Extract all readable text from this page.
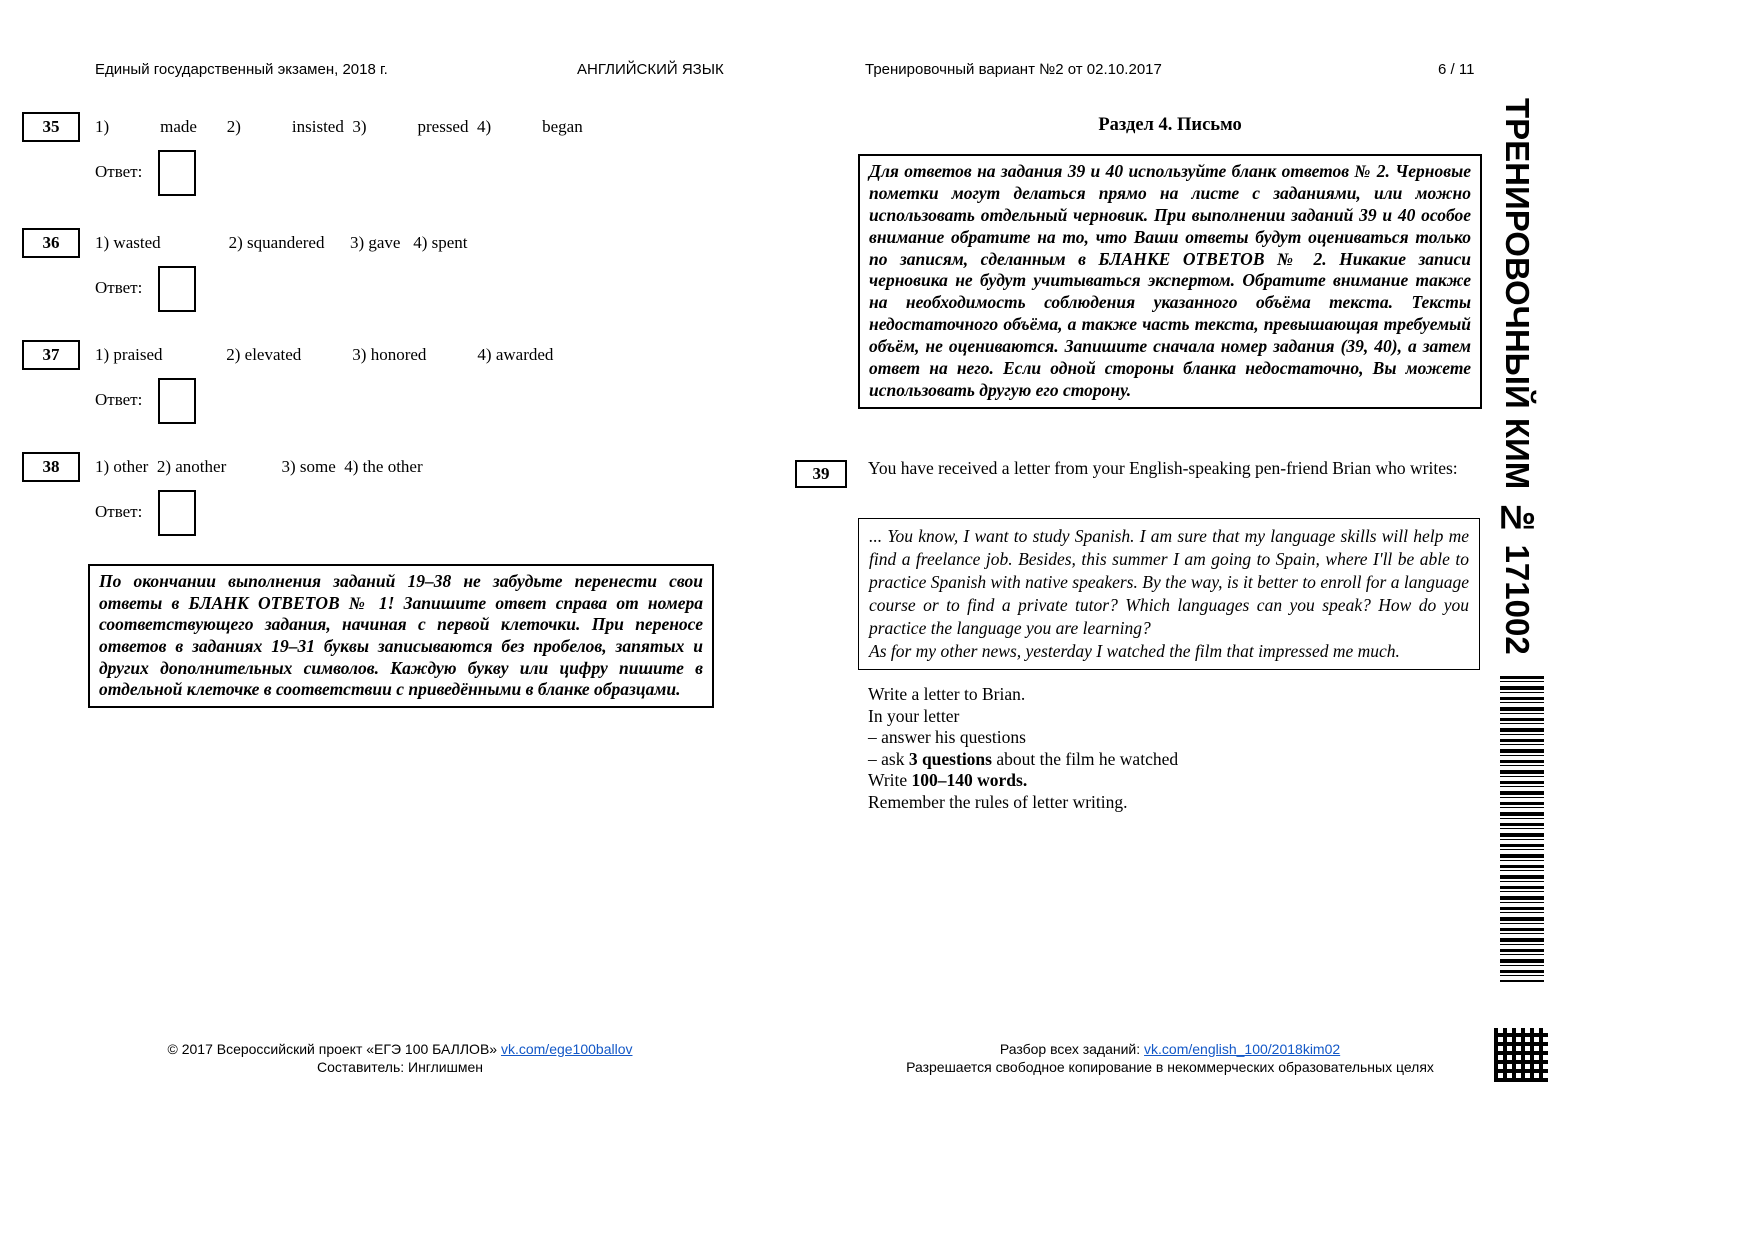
Единый государственный экзамен, 2018 г.	АНГЛИЙСКИЙ ЯЗЫК	Тренировочный вариант №2 от 02.10.2017	6 / 11
35	1)            made       2)            insisted  3)            pressed  4)            began
Ответ:
36	1) wasted                2) squandered      3) gave   4) spent
Ответ:
37	1) praised               2) elevated            3) honored            4) awarded
Ответ:
38	1) other  2) another             3) some  4) the other
Ответ:

По окончании выполнения заданий 19–38 не забудьте перенести свои ответы в БЛАНК ОТВЕТОВ № 1! Запишите ответ справа от номера соответствующего задания, начиная с первой клеточки. При переносе ответов в заданиях 19–31 буквы записываются без пробелов, запятых и других дополнительных символов. Каждую букву или цифру пишите в отдельной клеточке в соответствии с приведёнными в бланке образцами.

Раздел 4. Письмо

Для ответов на задания 39 и 40 используйте бланк ответов № 2. Черновые пометки могут делаться прямо на листе с заданиями, или можно использовать отдельный черновик. При выполнении заданий 39 и 40 особое внимание обратите на то, что Ваши ответы будут оцениваться только по записям, сделанным в БЛАНКЕ ОТВЕТОВ № 2. Никакие записи черновика не будут учитываться экспертом. Обратите внимание также на необходимость соблюдения указанного объёма текста. Тексты недостаточного объёма, а также часть текста, превышающая требуемый объём, не оцениваются. Запишите сначала номер задания (39, 40), а затем ответ на него. Если одной стороны бланка недостаточно, Вы можете использовать другую его сторону.

39	You have received a letter from your English-speaking pen-friend Brian who writes:

... You know, I want to study Spanish. I am sure that my language skills will help me find a freelance job. Besides, this summer I am going to Spain, where I'll be able to practice Spanish with native speakers. By the way, is it better to enroll for a language course or to find a private tutor? Which languages can you speak? How do you practice the language you are learning?

As for my other news, yesterday I watched the film that impressed me much.

Write a letter to Brian.
In your letter
– answer his questions
– ask 3 questions about the film he watched
Write 100–140 words.
Remember the rules of letter writing.
ТРЕНИРОВОЧНЫЙ КИМ № 171002
© 2017 Всероссийский проект «ЕГЭ 100 БАЛЛОВ» vk.com/ege100ballov
Составитель: Инглишмен
Разбор всех заданий: vk.com/english_100/2018kim02
Разрешается свободное копирование в некоммерческих образовательных целях
